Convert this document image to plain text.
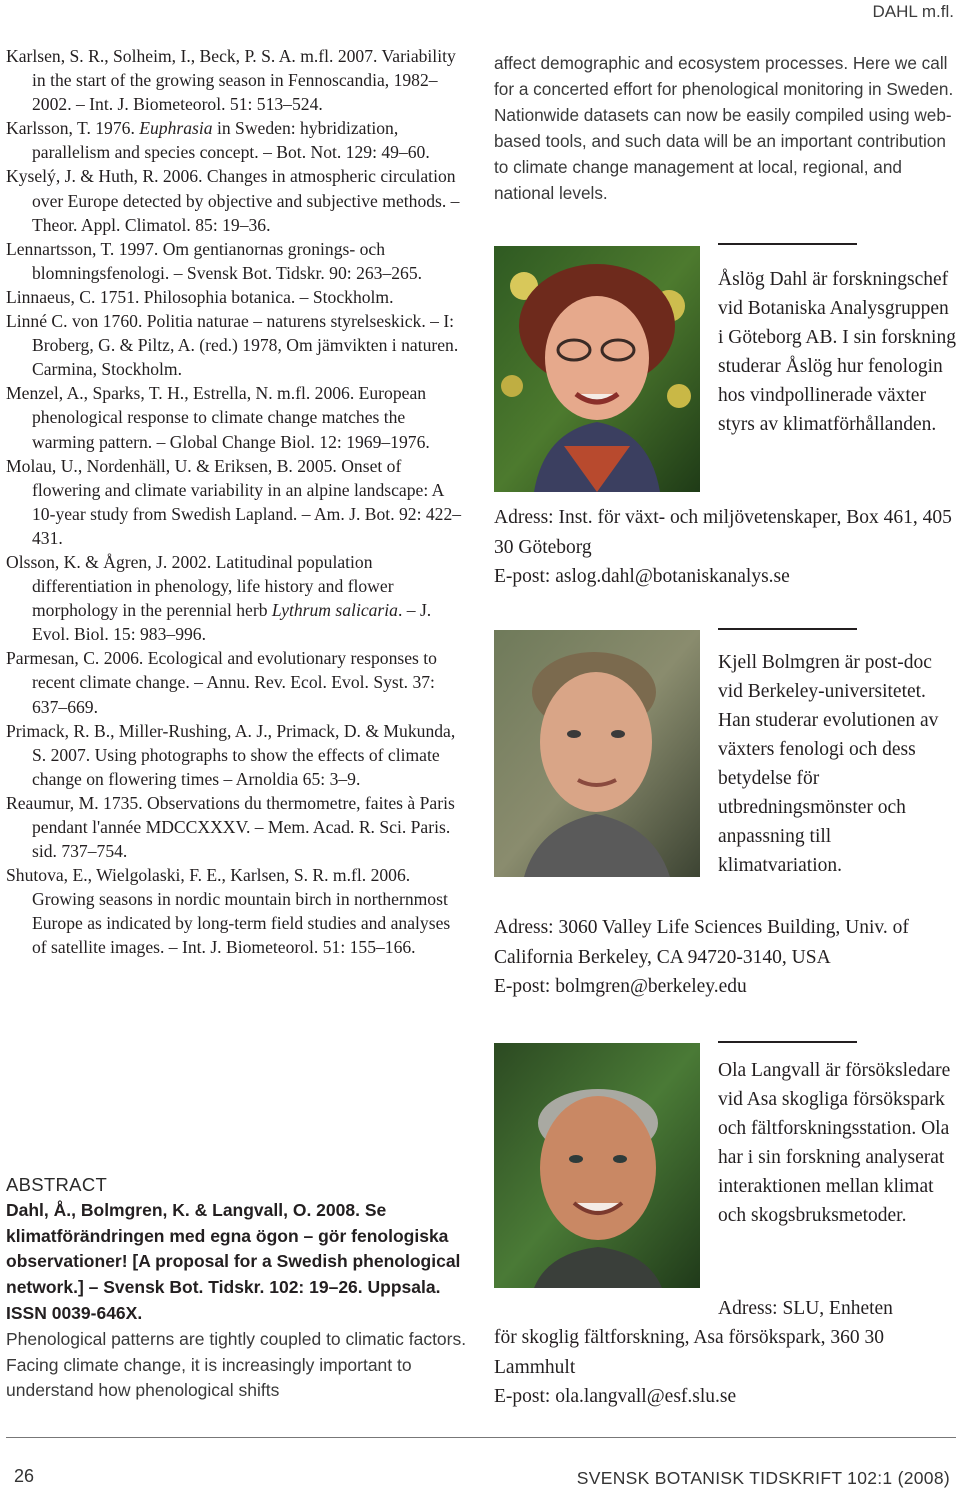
DAHL m.fl.

Karlsen, S. R., Solheim, I., Beck, P. S. A. m.fl. 2007. Variability in the start of the growing season in Fennoscandia, 1982–2002. – Int. J. Biometeorol. 51: 513–524.

Karlsson, T. 1976. Euphrasia in Sweden: hybridization, parallelism and species concept. – Bot. Not. 129: 49–60.

Kyselý, J. & Huth, R. 2006. Changes in atmospheric circulation over Europe detected by objective and subjective methods. – Theor. Appl. Climatol. 85: 19–36.

Lennartsson, T. 1997. Om gentianornas gronings- och blomningsfenologi. – Svensk Bot. Tidskr. 90: 263–265.

Linnaeus, C. 1751. Philosophia botanica. – Stockholm.

Linné C. von 1760. Politia naturae – naturens styrelseskick. – I: Broberg, G. & Piltz, A. (red.) 1978, Om jämvikten i naturen. Carmina, Stockholm.

Menzel, A., Sparks, T. H., Estrella, N. m.fl. 2006. European phenological response to climate change matches the warming pattern. – Global Change Biol. 12: 1969–1976.

Molau, U., Nordenhäll, U. & Eriksen, B. 2005. Onset of flowering and climate variability in an alpine landscape: A 10-year study from Swedish Lapland. – Am. J. Bot. 92: 422–431.

Olsson, K. & Ågren, J. 2002. Latitudinal population differentiation in phenology, life history and flower morphology in the perennial herb Lythrum salicaria. – J. Evol. Biol. 15: 983–996.

Parmesan, C. 2006. Ecological and evolutionary responses to recent climate change. – Annu. Rev. Ecol. Evol. Syst. 37: 637–669.

Primack, R. B., Miller-Rushing, A. J., Primack, D. & Mukunda, S. 2007. Using photographs to show the effects of climate change on flowering times – Arnoldia 65: 3–9.

Reaumur, M. 1735. Observations du thermometre, faites à Paris pendant l'année MDCCXXXV. – Mem. Acad. R. Sci. Paris. sid. 737–754.

Shutova, E., Wielgolaski, F. E., Karlsen, S. R. m.fl. 2006. Growing seasons in nordic mountain birch in northernmost Europe as indicated by long-term field studies and analyses of satellite images. – Int. J. Biometeorol. 51: 155–166.

ABSTRACT
Dahl, Å., Bolmgren, K. & Langvall, O. 2008. Se klimatförändringen med egna ögon – gör fenologiska observationer! [A proposal for a Swedish phenological network.] – Svensk Bot. Tidskr. 102: 19–26. Uppsala. ISSN 0039-646X.
Phenological patterns are tightly coupled to climatic factors. Facing climate change, it is increasingly important to understand how phenological shifts
affect demographic and ecosystem processes. Here we call for a concerted effort for phenological monitoring in Sweden. Nationwide datasets can now be easily compiled using web-based tools, and such data will be an important contribution to climate change management at local, regional, and national levels.
Åslög Dahl är forskningschef vid Botaniska Analysgruppen i Göteborg AB. I sin forskning studerar Åslög hur fenologin hos vindpollinerade växter styrs av klimatförhållanden.
Adress: Inst. för växt- och miljövetenskaper, Box 461, 405 30 Göteborg
E-post: aslog.dahl@botaniskanalys.se
Kjell Bolmgren är post-doc vid Berkeley-universitetet. Han studerar evolutionen av växters fenologi och dess betydelse för utbredningsmönster och anpassning till klimatvariation.
Adress: 3060 Valley Life Sciences Building, Univ. of California Berkeley, CA 94720-3140, USA
E-post: bolmgren@berkeley.edu
Ola Langvall är försöksledare vid Asa skogliga försökspark och fältforskningsstation. Ola har i sin forskning analyserat interaktionen mellan klimat och skogsbruksmetoder.
Adress: SLU, Enheten
för skoglig fältforskning, Asa försökspark, 360 30 Lammhult
E-post: ola.langvall@esf.slu.se
26	SVENSK BOTANISK TIDSKRIFT 102:1 (2008)
